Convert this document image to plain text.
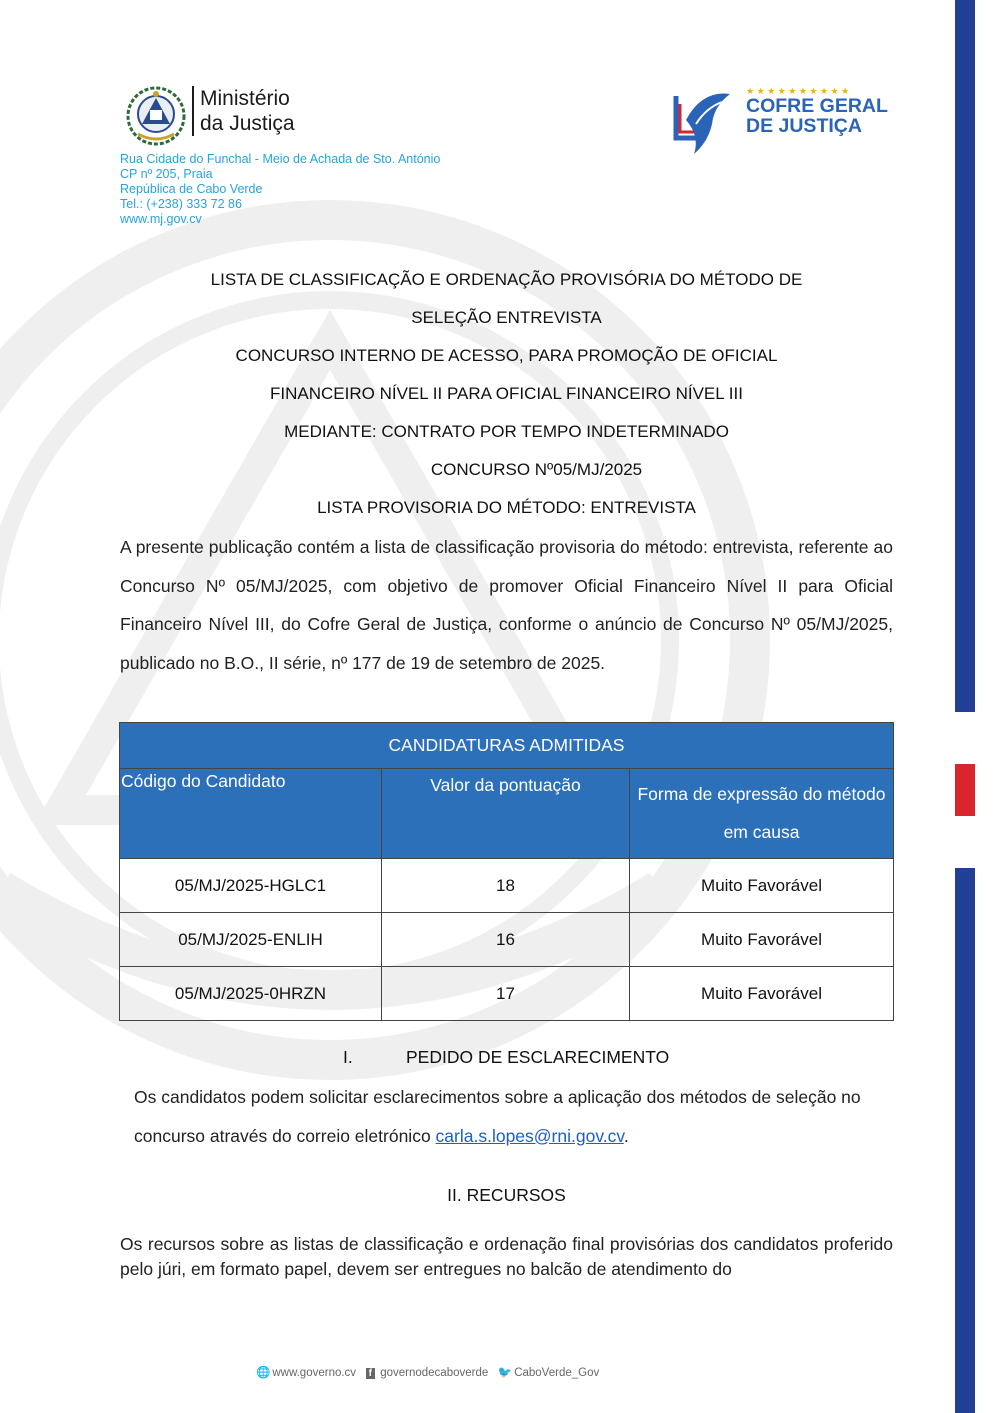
Ministério
da Justiça
Rua Cidade do Funchal - Meio de Achada de Sto. António
CP nº 205, Praia
República de Cabo Verde
Tel.: (+238) 333 72 86
www.mj.gov.cv
★★★★★★★★★★
COFRE GERAL
DE JUSTIÇA
LISTA DE CLASSIFICAÇÃO E ORDENAÇÃO PROVISÓRIA DO MÉTODO DE
SELEÇÃO ENTREVISTA
CONCURSO INTERNO DE ACESSO, PARA PROMOÇÃO DE OFICIAL
FINANCEIRO NÍVEL II PARA OFICIAL FINANCEIRO NÍVEL III
MEDIANTE: CONTRATO POR TEMPO INDETERMINADO
CONCURSO Nº05/MJ/2025
LISTA PROVISORIA DO MÉTODO: ENTREVISTA
A presente publicação contém a lista de classificação provisoria do método: entrevista, referente ao Concurso Nº 05/MJ/2025, com objetivo de promover Oficial Financeiro Nível II para Oficial Financeiro Nível III, do Cofre Geral de Justiça, conforme o anúncio de Concurso Nº 05/MJ/2025, publicado no B.O., II série, nº 177 de 19 de setembro de 2025.
CANDIDATURAS ADMITIDAS		
Código do Candidato	Valor da pontuação	Forma de expressão do método em causa
05/MJ/2025-HGLC1	18	Muito Favorável
05/MJ/2025-ENLIH	16	Muito Favorável
05/MJ/2025-0HRZN	17	Muito Favorável
I.	PEDIDO DE ESCLARECIMENTO
Os candidatos podem solicitar esclarecimentos sobre a aplicação dos métodos de seleção no concurso através do correio eletrónico carla.s.lopes@rni.gov.cv.
II. RECURSOS
Os recursos sobre as listas de classificação e ordenação final provisórias dos candidatos proferido pelo júri, em formato papel, devem ser entregues no balcão de atendimento do
🌐 www.governo.cv f governodecaboverde 🐦 CaboVerde_Gov
